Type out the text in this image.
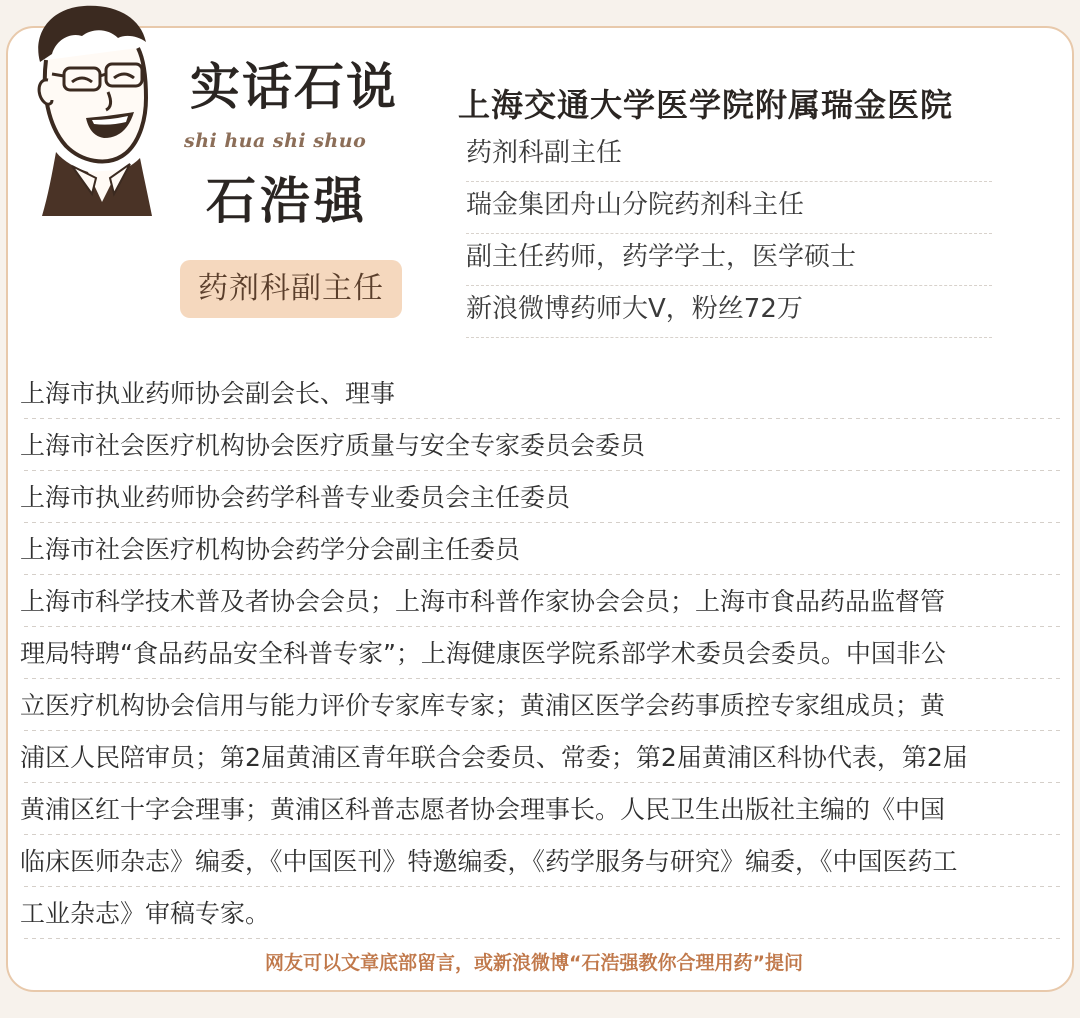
实话石说
shi hua shi shuo
石浩强
药剂科副主任
上海交通大学医学院附属瑞金医院
药剂科副主任
瑞金集团舟山分院药剂科主任
副主任药师，药学学士，医学硕士
新浪微博药师大V，粉丝72万
上海市执业药师协会副会长、理事
上海市社会医疗机构协会医疗质量与安全专家委员会委员
上海市执业药师协会药学科普专业委员会主任委员
上海市社会医疗机构协会药学分会副主任委员
上海市科学技术普及者协会会员；上海市科普作家协会会员；上海市食品药品监督管
理局特聘“食品药品安全科普专家”；上海健康医学院系部学术委员会委员。中国非公
立医疗机构协会信用与能力评价专家库专家；黄浦区医学会药事质控专家组成员；黄
浦区人民陪审员；第2届黄浦区青年联合会委员、常委；第2届黄浦区科协代表，第2届
黄浦区红十字会理事；黄浦区科普志愿者协会理事长。人民卫生出版社主编的《中国
临床医师杂志》编委，《中国医刊》特邀编委，《药学服务与研究》编委，《中国医药工
工业杂志》审稿专家。
网友可以文章底部留言，或新浪微博“石浩强教你合理用药”提问
